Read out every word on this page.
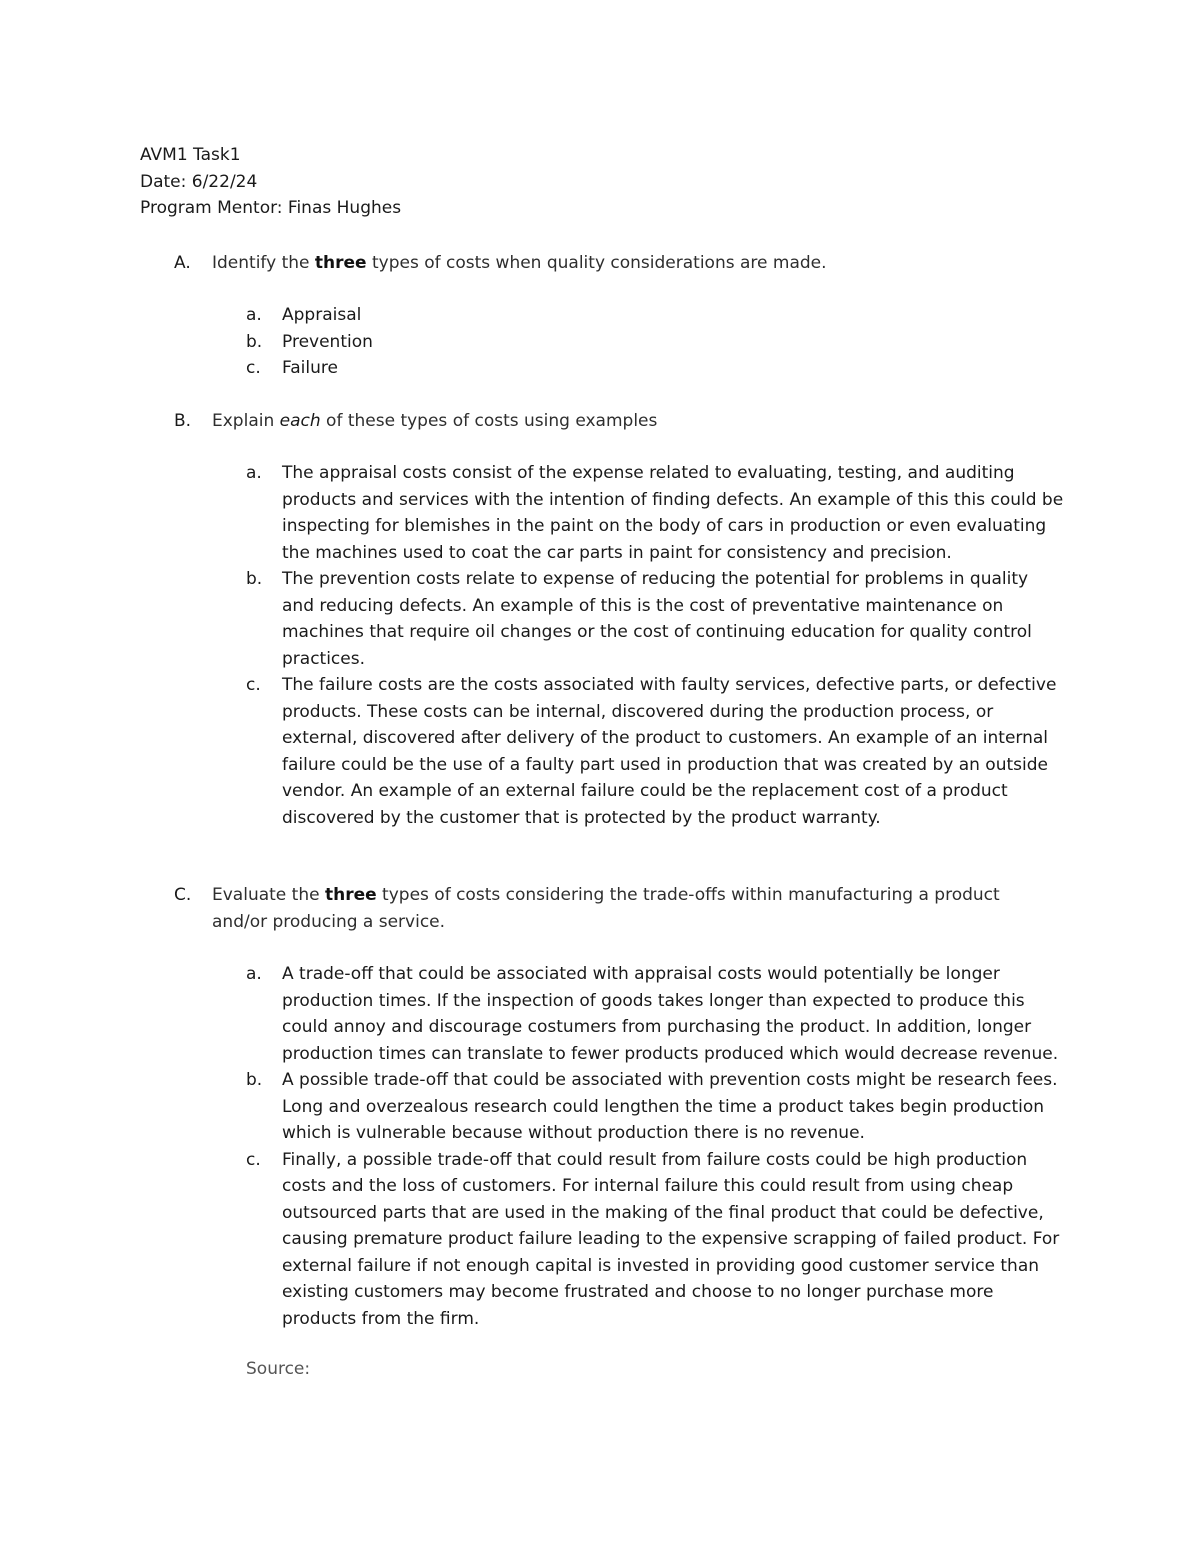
AVM1 Task1
Date: 6/22/24
Program Mentor: Finas Hughes
A. Identify the three types of costs when quality considerations are made.
a. Appraisal
b. Prevention
c. Failure
B. Explain each of these types of costs using examples
a. The appraisal costs consist of the expense related to evaluating, testing, and auditing products and services with the intention of finding defects. An example of this this could be inspecting for blemishes in the paint on the body of cars in production or even evaluating the machines used to coat the car parts in paint for consistency and precision.
b. The prevention costs relate to expense of reducing the potential for problems in quality and reducing defects. An example of this is the cost of preventative maintenance on machines that require oil changes or the cost of continuing education for quality control practices.
c. The failure costs are the costs associated with faulty services, defective parts, or defective products. These costs can be internal, discovered during the production process, or external, discovered after delivery of the product to customers. An example of an internal failure could be the use of a faulty part used in production that was created by an outside vendor. An example of an external failure could be the replacement cost of a product discovered by the customer that is protected by the product warranty.
C. Evaluate the three types of costs considering the trade-offs within manufacturing a product and/or producing a service.
a. A trade-off that could be associated with appraisal costs would potentially be longer production times. If the inspection of goods takes longer than expected to produce this could annoy and discourage costumers from purchasing the product. In addition, longer production times can translate to fewer products produced which would decrease revenue.
b. A possible trade-off that could be associated with prevention costs might be research fees. Long and overzealous research could lengthen the time a product takes begin production which is vulnerable because without production there is no revenue.
c. Finally, a possible trade-off that could result from failure costs could be high production costs and the loss of customers. For internal failure this could result from using cheap outsourced parts that are used in the making of the final product that could be defective, causing premature product failure leading to the expensive scrapping of failed product. For external failure if not enough capital is invested in providing good customer service than existing customers may become frustrated and choose to no longer purchase more products from the firm.
Source:
